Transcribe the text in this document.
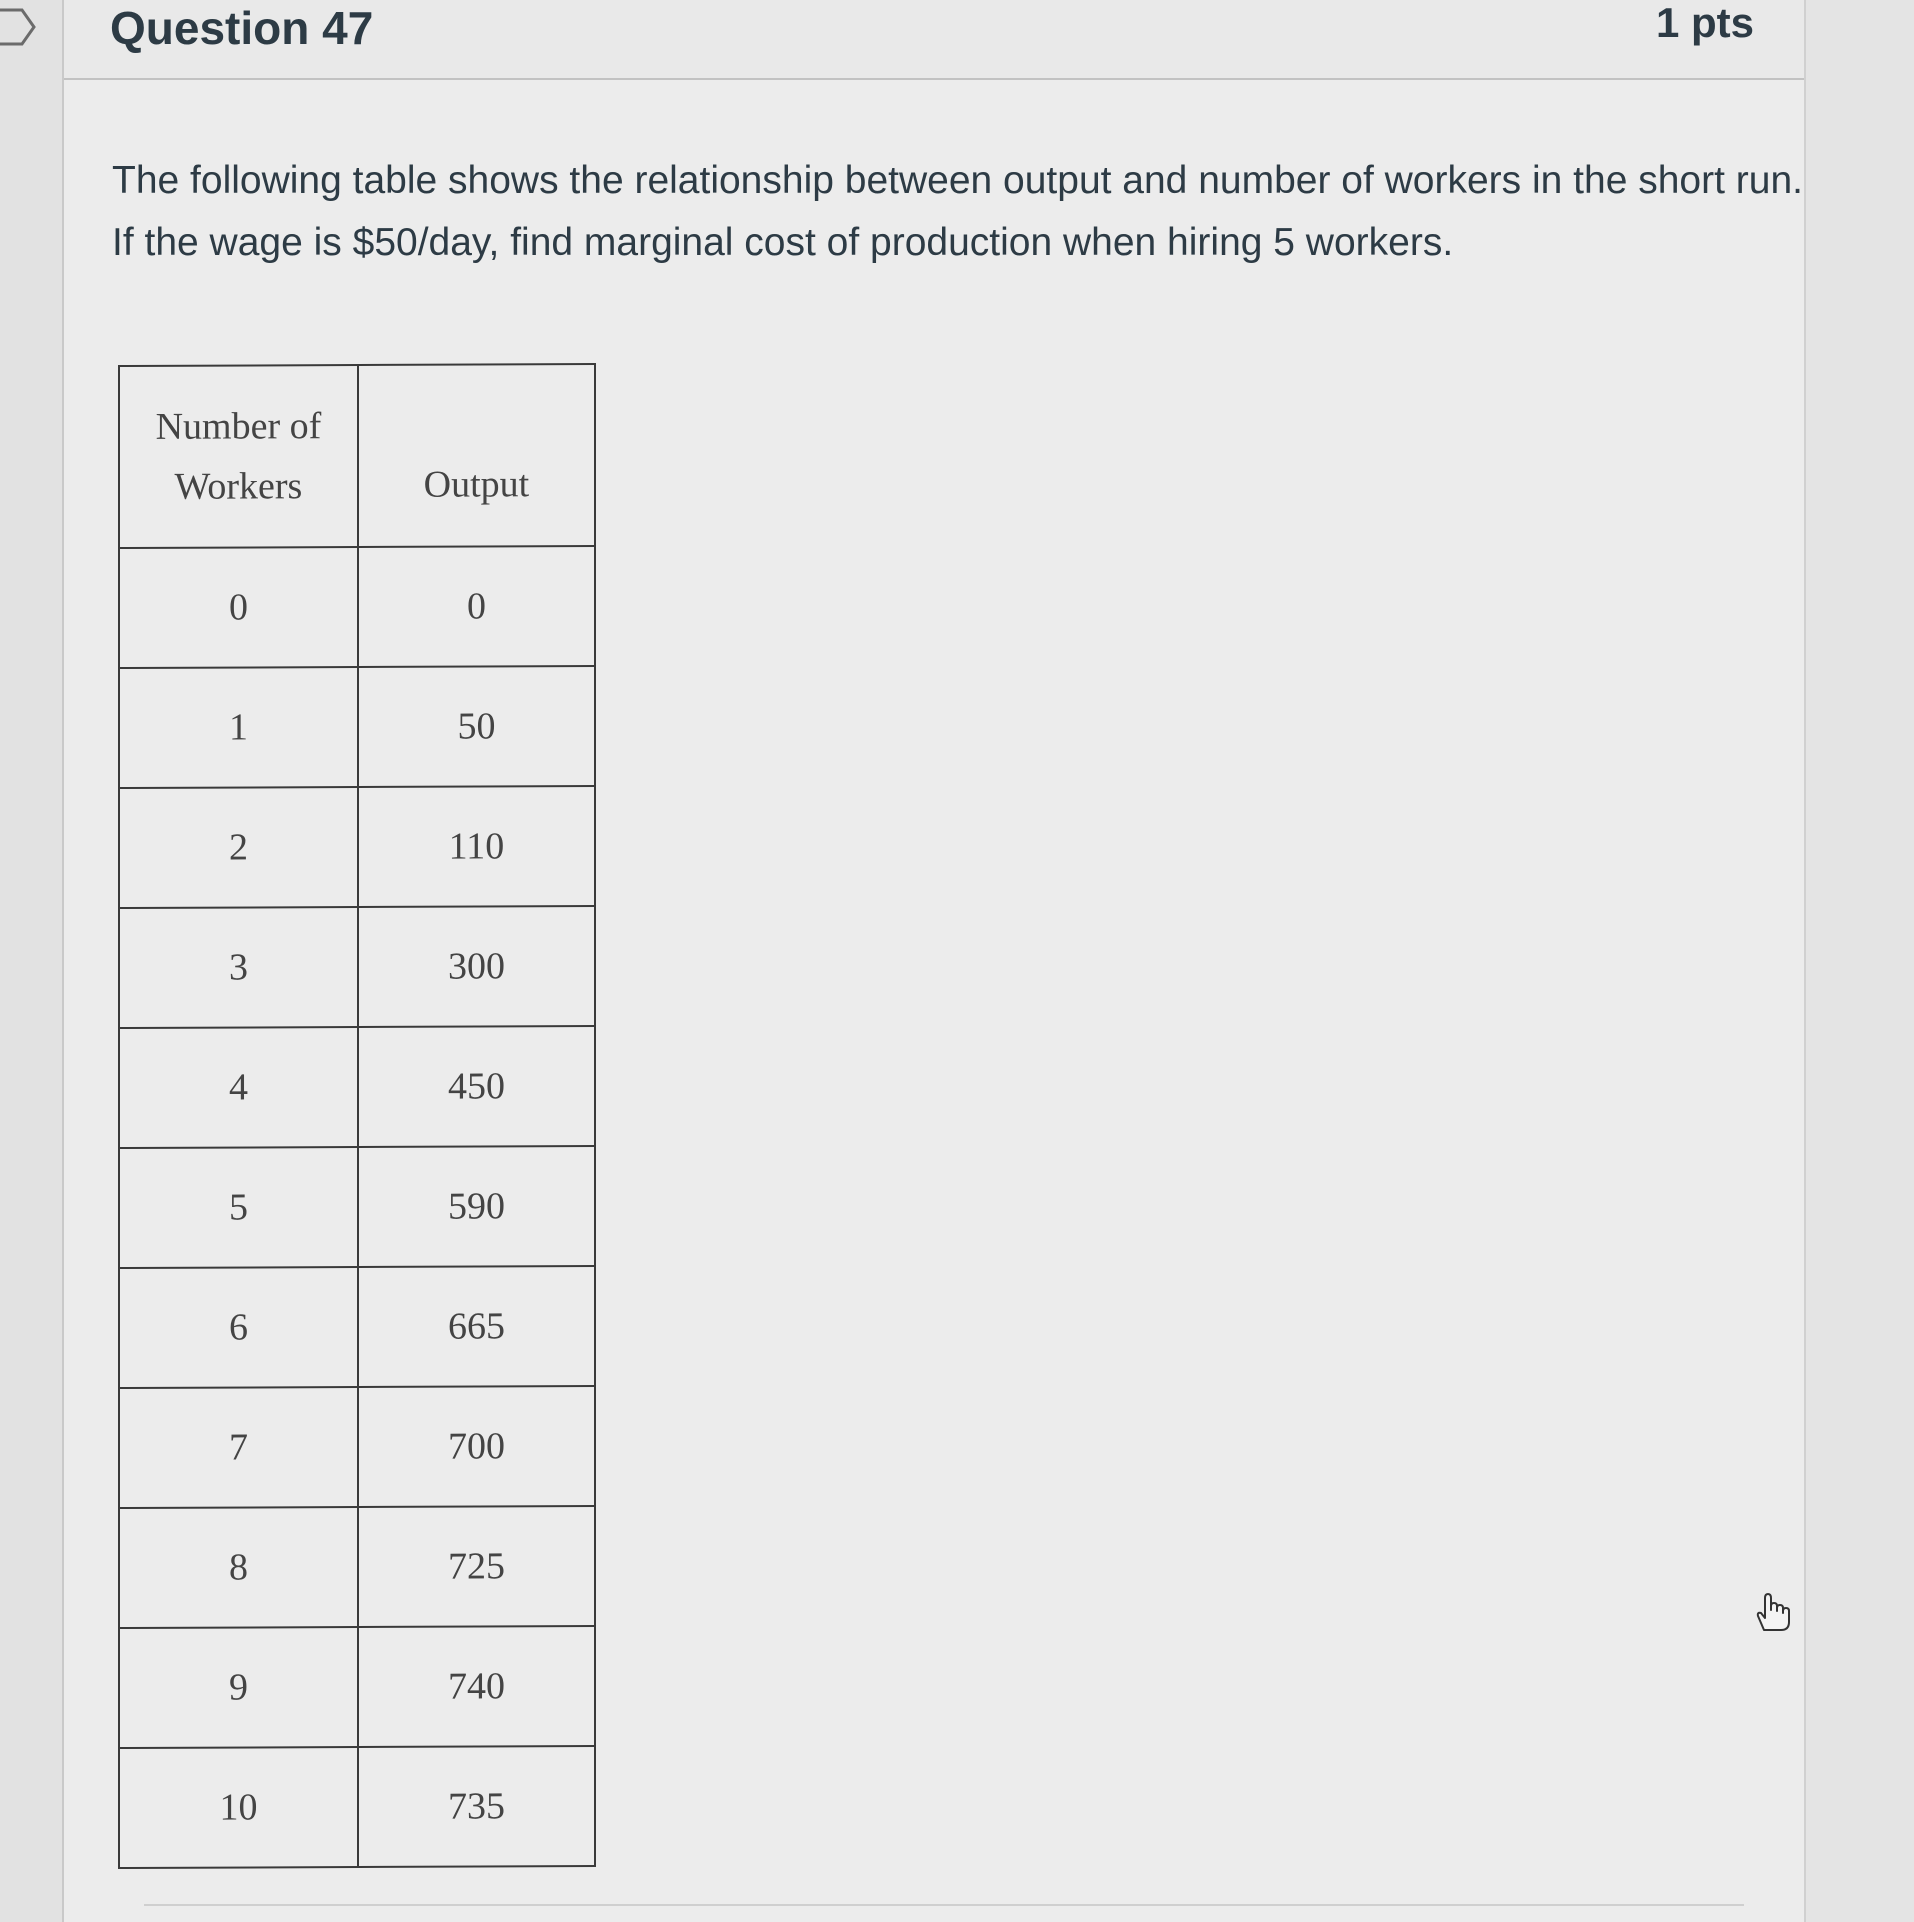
Question 47	1 pts

The following table shows the relationship between output and number of workers in the short run. If the wage is $50/day, find marginal cost of production when hiring 5 workers.

Number of Workers	Output

0	0
1	50
2	110
3	300
4	450
5	590
6	665
7	700
8	725
9	740
10	735
